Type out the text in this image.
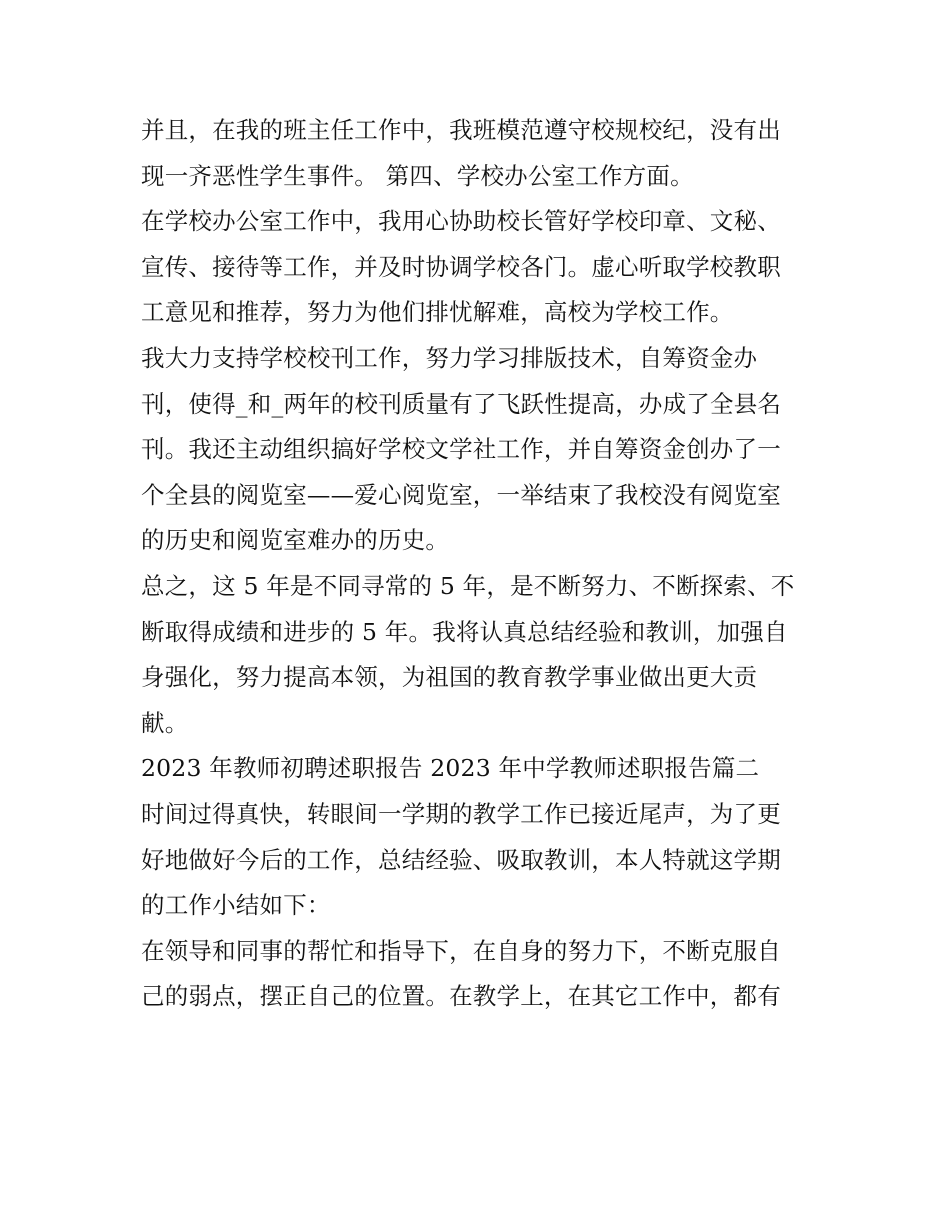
并且，在我的班主任工作中，我班模范遵守校规校纪，没有出
现一齐恶性学生事件。 第四、学校办公室工作方面。
在学校办公室工作中，我用心协助校长管好学校印章、文秘、
宣传、接待等工作，并及时协调学校各门。虚心听取学校教职
工意见和推荐，努力为他们排忧解难，高校为学校工作。
我大力支持学校校刊工作，努力学习排版技术，自筹资金办
刊，使得_和_两年的校刊质量有了飞跃性提高，办成了全县名
刊。我还主动组织搞好学校文学社工作，并自筹资金创办了一
个全县的阅览室——爱心阅览室，一举结束了我校没有阅览室
的历史和阅览室难办的历史。
总之，这 5 年是不同寻常的 5 年，是不断努力、不断探索、不
断取得成绩和进步的 5 年。我将认真总结经验和教训，加强自
身强化，努力提高本领，为祖国的教育教学事业做出更大贡
献。
2023 年教师初聘述职报告 2023 年中学教师述职报告篇二
时间过得真快，转眼间一学期的教学工作已接近尾声，为了更
好地做好今后的工作，总结经验、吸取教训，本人特就这学期
的工作小结如下：
在领导和同事的帮忙和指导下，在自身的努力下，不断克服自
己的弱点，摆正自己的位置。在教学上，在其它工作中，都有
